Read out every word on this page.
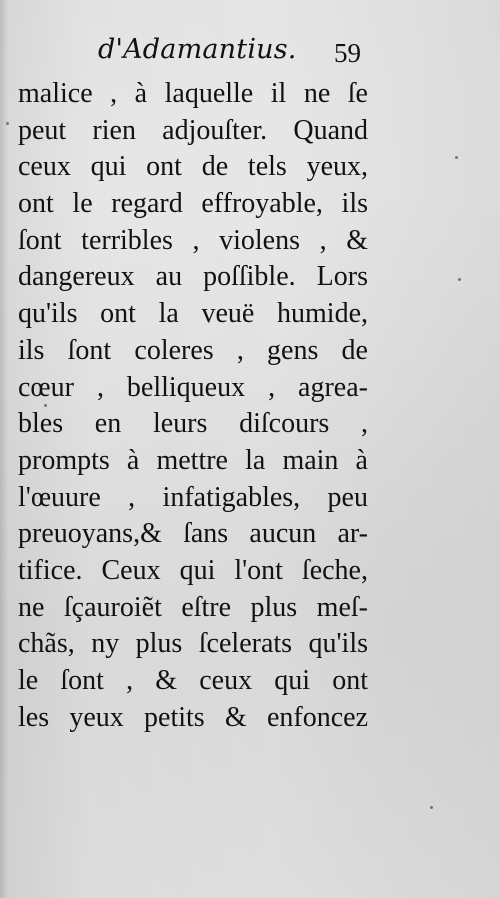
d'Adamantius. 59
malice , à laquelle il ne ſe
peut rien adjouſter. Quand
ceux qui ont de tels yeux,
ont le regard effroyable, ils
ſont terribles , violens , &
dangereux au poſſible. Lors
qu'ils ont la veuë humide,
ils ſont coleres , gens de
cœur , belliqueux , agrea-
bles en leurs diſcours ,
prompts à mettre la main à
l'œuure , infatigables, peu
preuoyans,& ſans aucun ar-
tifice. Ceux qui l'ont ſeche,
ne ſçauroiẽt eſtre plus meſ-
chãs, ny plus ſcelerats qu'ils
le ſont , & ceux qui ont
les yeux petits & enfoncez
